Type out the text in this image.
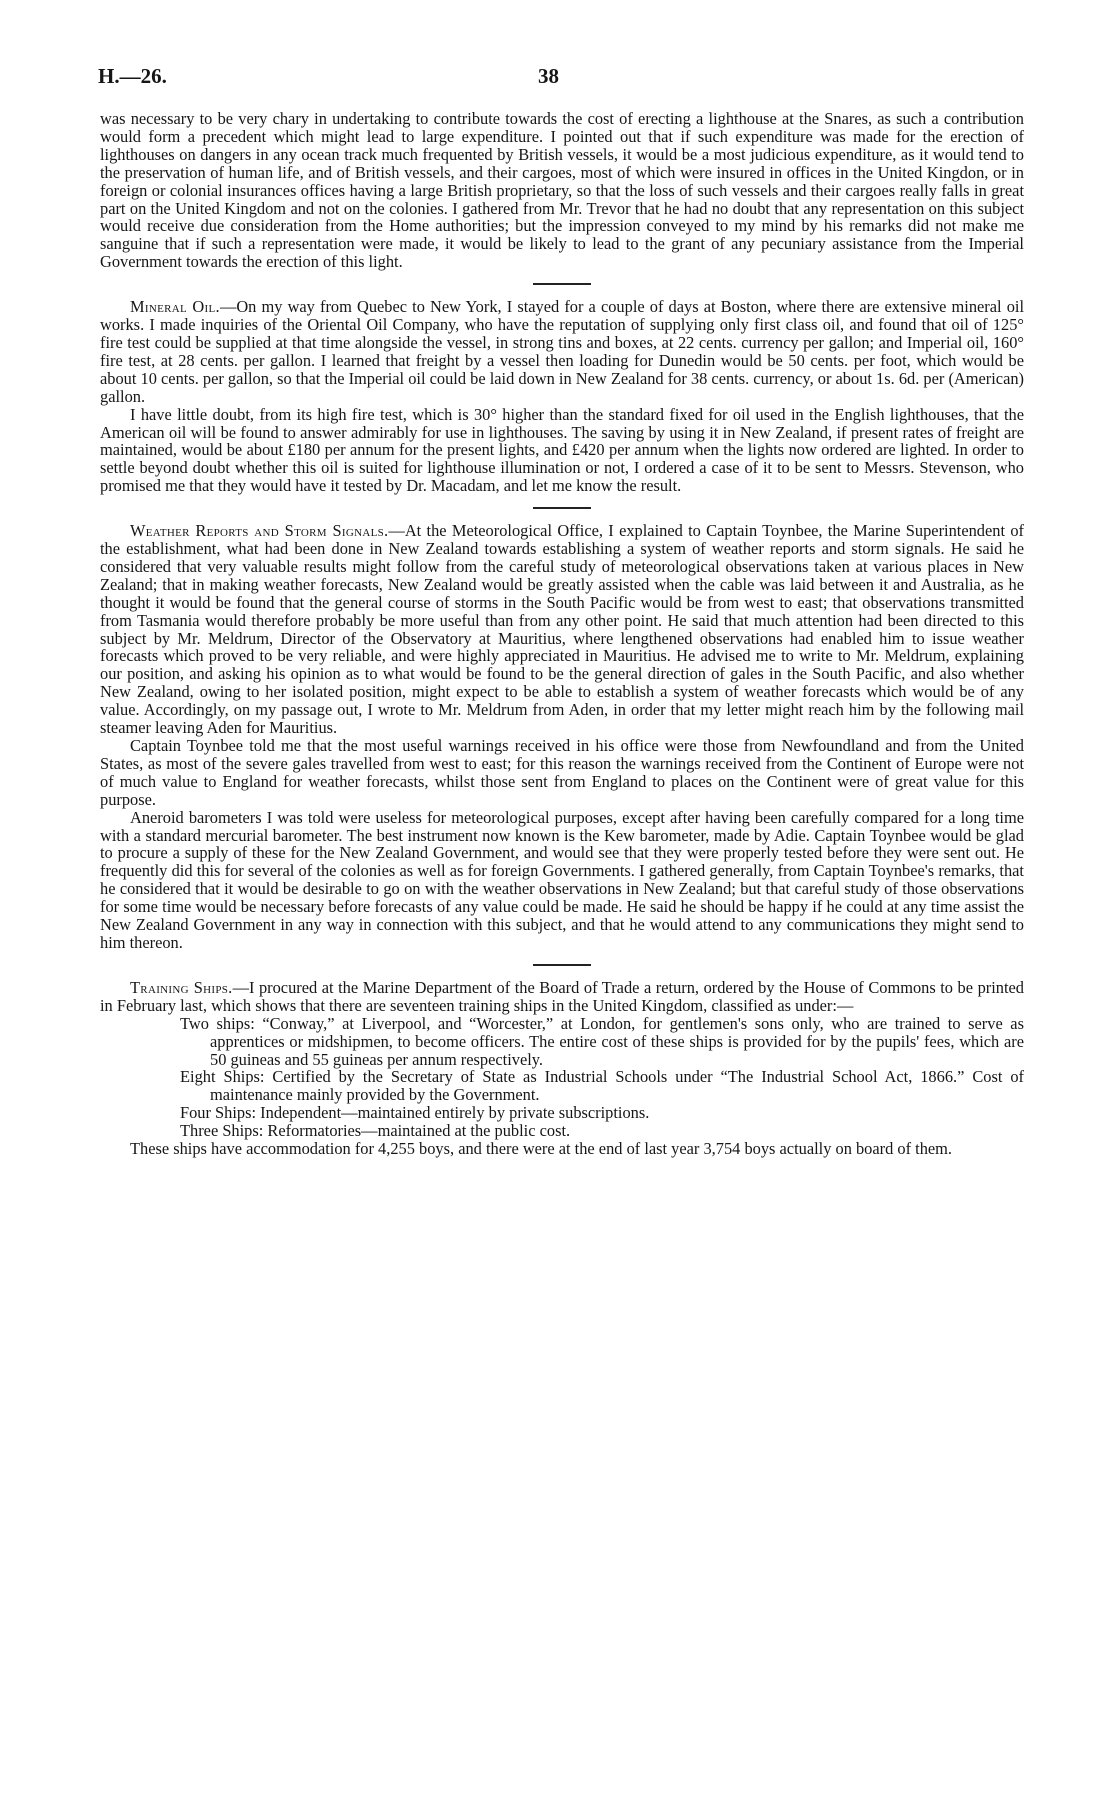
H.—26.	38

was necessary to be very chary in undertaking to contribute towards the cost of erecting a lighthouse at the Snares, as such a contribution would form a precedent which might lead to large expenditure. I pointed out that if such expenditure was made for the erection of lighthouses on dangers in any ocean track much frequented by British vessels, it would be a most judicious expenditure, as it would tend to the preservation of human life, and of British vessels, and their cargoes, most of which were insured in offices in the United Kingdon, or in foreign or colonial insurances offices having a large British proprietary, so that the loss of such vessels and their cargoes really falls in great part on the United Kingdom and not on the colonies. I gathered from Mr. Trevor that he had no doubt that any representation on this subject would receive due consideration from the Home authorities; but the impression conveyed to my mind by his remarks did not make me sanguine that if such a representation were made, it would be likely to lead to the grant of any pecuniary assistance from the Imperial Government towards the erection of this light.

Mineral Oil.—On my way from Quebec to New York, I stayed for a couple of days at Boston, where there are extensive mineral oil works. I made inquiries of the Oriental Oil Company, who have the reputation of supplying only first class oil, and found that oil of 125° fire test could be supplied at that time alongside the vessel, in strong tins and boxes, at 22 cents. currency per gallon; and Imperial oil, 160° fire test, at 28 cents. per gallon. I learned that freight by a vessel then loading for Dunedin would be 50 cents. per foot, which would be about 10 cents. per gallon, so that the Imperial oil could be laid down in New Zealand for 38 cents. currency, or about 1s. 6d. per (American) gallon.

I have little doubt, from its high fire test, which is 30° higher than the standard fixed for oil used in the English lighthouses, that the American oil will be found to answer admirably for use in lighthouses. The saving by using it in New Zealand, if present rates of freight are maintained, would be about £180 per annum for the present lights, and £420 per annum when the lights now ordered are lighted. In order to settle beyond doubt whether this oil is suited for lighthouse illumination or not, I ordered a case of it to be sent to Messrs. Stevenson, who promised me that they would have it tested by Dr. Macadam, and let me know the result.

Weather Reports and Storm Signals.—At the Meteorological Office, I explained to Captain Toynbee, the Marine Superintendent of the establishment, what had been done in New Zealand towards establishing a system of weather reports and storm signals. He said he considered that very valuable results might follow from the careful study of meteorological observations taken at various places in New Zealand; that in making weather forecasts, New Zealand would be greatly assisted when the cable was laid between it and Australia, as he thought it would be found that the general course of storms in the South Pacific would be from west to east; that observations transmitted from Tasmania would therefore probably be more useful than from any other point. He said that much attention had been directed to this subject by Mr. Meldrum, Director of the Observatory at Mauritius, where lengthened observations had enabled him to issue weather forecasts which proved to be very reliable, and were highly appreciated in Mauritius. He advised me to write to Mr. Meldrum, explaining our position, and asking his opinion as to what would be found to be the general direction of gales in the South Pacific, and also whether New Zealand, owing to her isolated position, might expect to be able to establish a system of weather forecasts which would be of any value. Accordingly, on my passage out, I wrote to Mr. Meldrum from Aden, in order that my letter might reach him by the following mail steamer leaving Aden for Mauritius.

Captain Toynbee told me that the most useful warnings received in his office were those from Newfoundland and from the United States, as most of the severe gales travelled from west to east; for this reason the warnings received from the Continent of Europe were not of much value to England for weather forecasts, whilst those sent from England to places on the Continent were of great value for this purpose.

Aneroid barometers I was told were useless for meteorological purposes, except after having been carefully compared for a long time with a standard mercurial barometer. The best instrument now known is the Kew barometer, made by Adie. Captain Toynbee would be glad to procure a supply of these for the New Zealand Government, and would see that they were properly tested before they were sent out. He frequently did this for several of the colonies as well as for foreign Governments. I gathered generally, from Captain Toynbee's remarks, that he considered that it would be desirable to go on with the weather observations in New Zealand; but that careful study of those observations for some time would be necessary before forecasts of any value could be made. He said he should be happy if he could at any time assist the New Zealand Government in any way in connection with this subject, and that he would attend to any communications they might send to him thereon.

Training Ships.—I procured at the Marine Department of the Board of Trade a return, ordered by the House of Commons to be printed in February last, which shows that there are seventeen training ships in the United Kingdom, classified as under:—

Two ships: “Conway,” at Liverpool, and “Worcester,” at London, for gentlemen's sons only, who are trained to serve as apprentices or midshipmen, to become officers. The entire cost of these ships is provided for by the pupils' fees, which are 50 guineas and 55 guineas per annum respectively.

Eight Ships: Certified by the Secretary of State as Industrial Schools under “The Industrial School Act, 1866.” Cost of maintenance mainly provided by the Government.

Four Ships: Independent—maintained entirely by private subscriptions.

Three Ships: Reformatories—maintained at the public cost.

These ships have accommodation for 4,255 boys, and there were at the end of last year 3,754 boys actually on board of them.
